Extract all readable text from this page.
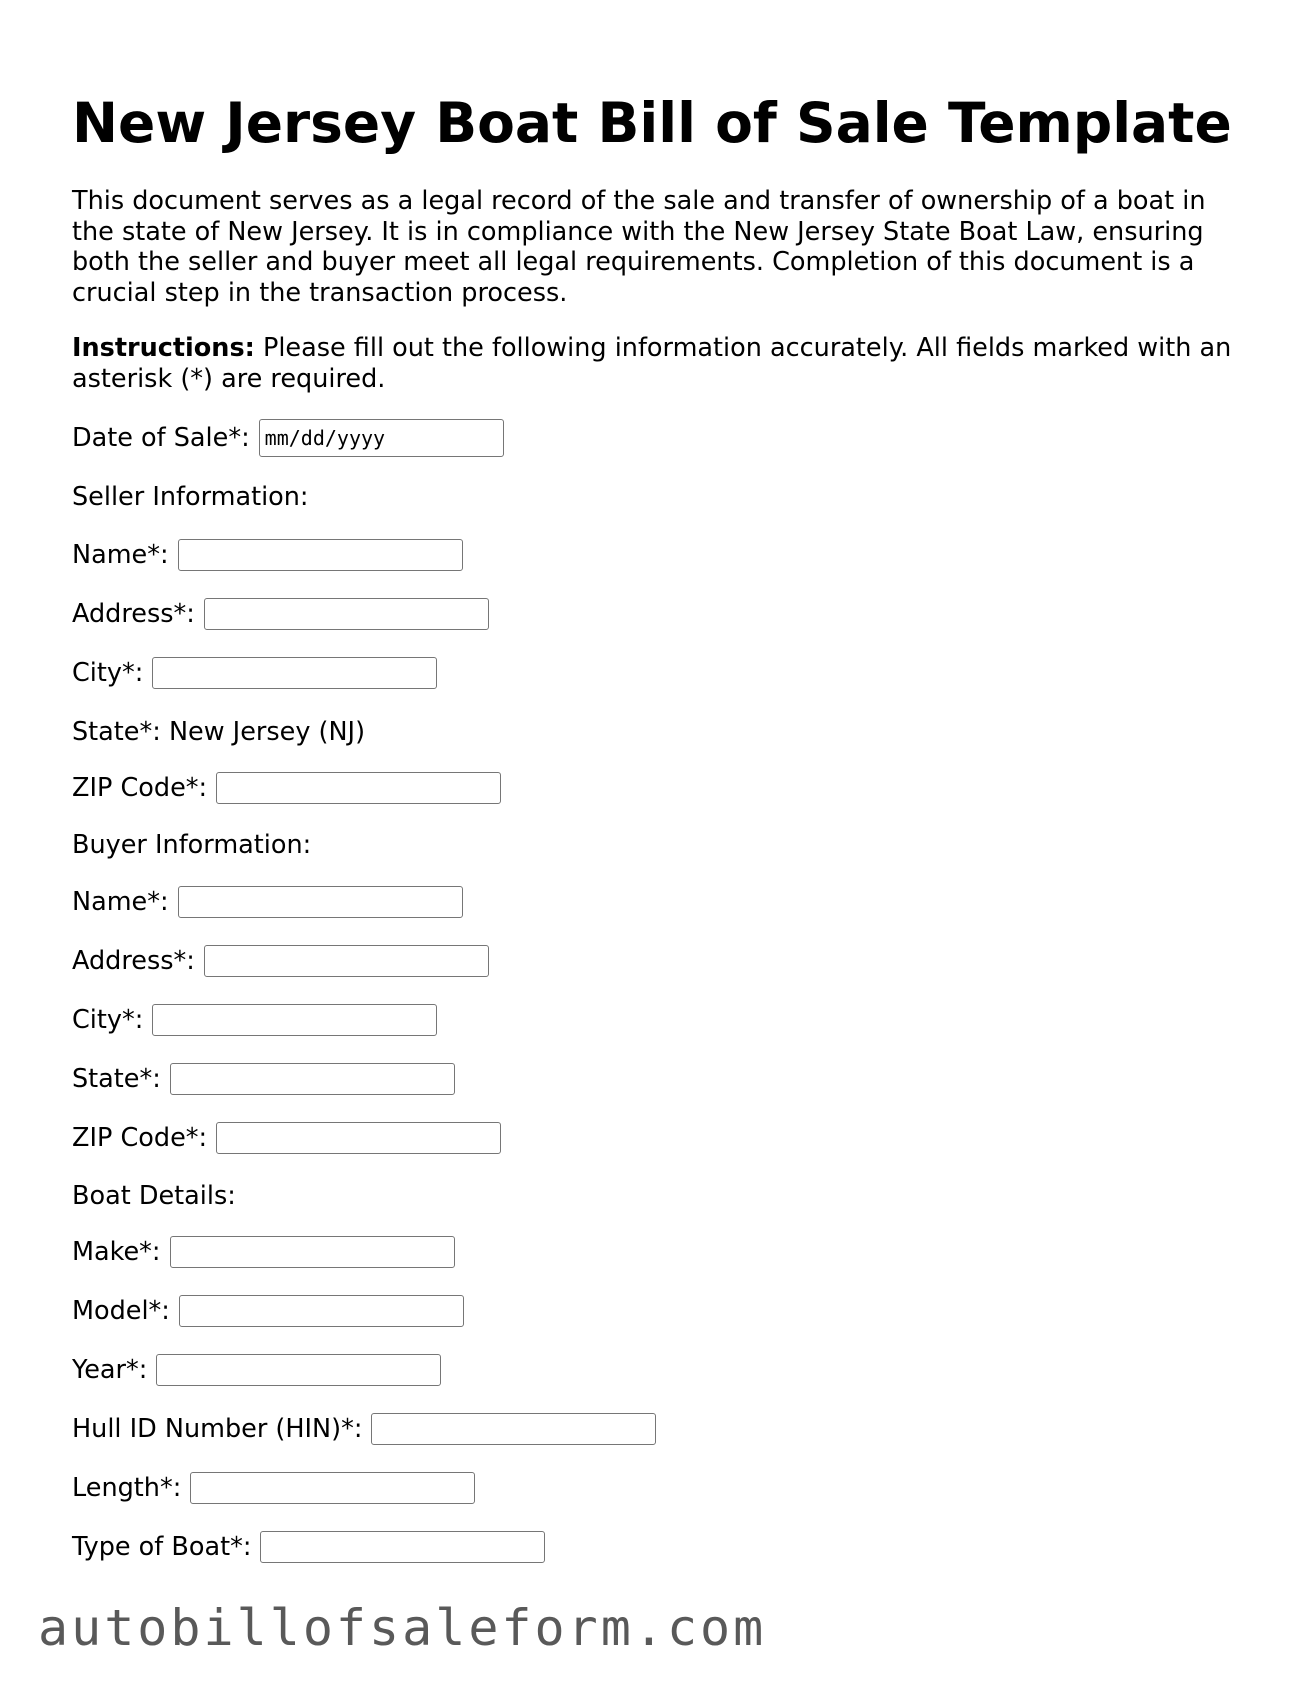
New Jersey Boat Bill of Sale Template

This document serves as a legal record of the sale and transfer of ownership of a boat in the state of New Jersey. It is in compliance with the New Jersey State Boat Law, ensuring both the seller and buyer meet all legal requirements. Completion of this document is a crucial step in the transaction process.

Instructions: Please fill out the following information accurately. All fields marked with an asterisk (*) are required.

Date of Sale*:
mm/dd/yyyy
Seller Information:
Name*:
Address*:
City*:
State*: New Jersey (NJ)
ZIP Code*:
Buyer Information:
Name*:
Address*:
City*:
State*:
ZIP Code*:
Boat Details:
Make*:
Model*:
Year*:
Hull ID Number (HIN)*:
Length*:
Type of Boat*:
autobillofsaleform.com
